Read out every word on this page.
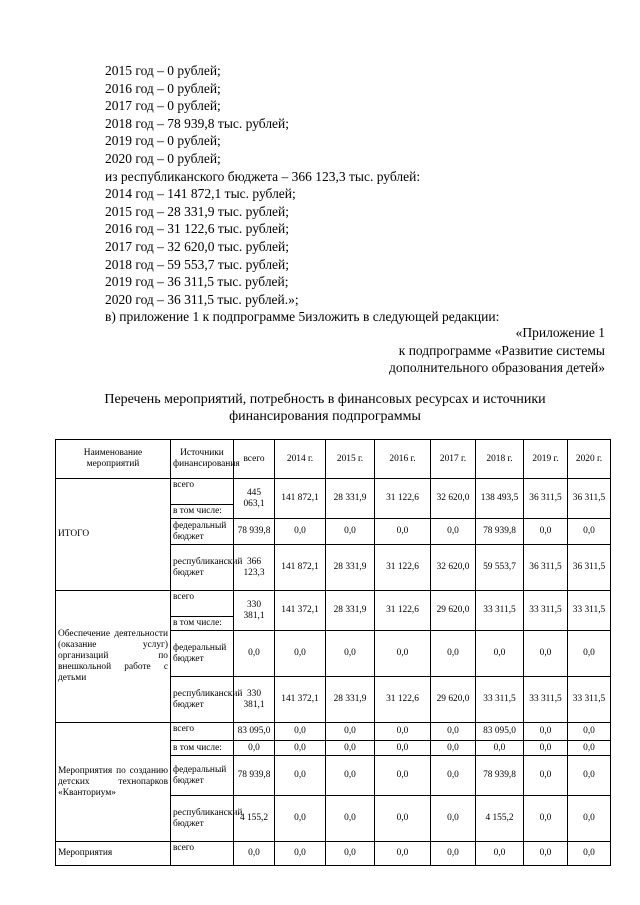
2015 год – 0 рублей;
2016 год – 0 рублей;
2017 год – 0 рублей;
2018 год – 78 939,8 тыс. рублей;
2019 год – 0 рублей;
2020 год – 0 рублей;
из республиканского бюджета – 366 123,3 тыс. рублей:
2014 год – 141 872,1 тыс. рублей;
2015 год – 28 331,9 тыс. рублей;
2016 год – 31 122,6 тыс. рублей;
2017 год – 32 620,0 тыс. рублей;
2018 год – 59 553,7 тыс. рублей;
2019 год – 36 311,5 тыс. рублей;
2020 год – 36 311,5 тыс. рублей.»;
в) приложение 1 к подпрограмме 5изложить в следующей редакции:
«Приложение 1
к подпрограмме «Развитие системы
дополнительного образования детей»
Перечень мероприятий, потребность в финансовых ресурсах и источники
финансирования подпрограммы
Наименование мероприятий	Источники финансирования	всего	2014 г.	2015 г.	2016 г.	2017 г.	2018 г.	2019 г.	2020 г.
ИТОГО	всего	445 063,1	141 872,1	28 331,9	31 122,6	32 620,0	138 493,5	36 311,5	36 311,5
	в том числе:								
	федеральный бюджет	78 939,8	0,0	0,0	0,0	0,0	78 939,8	0,0	0,0
	республиканский бюджет	366 123,3	141 872,1	28 331,9	31 122,6	32 620,0	59 553,7	36 311,5	36 311,5
Обеспечение деятельности (оказание услуг) организаций по внешкольной работе с детьми	всего	330 381,1	141 372,1	28 331,9	31 122,6	29 620,0	33 311,5	33 311,5	33 311,5
	в том числе:								
	федеральный бюджет	0,0	0,0	0,0	0,0	0,0	0,0	0,0	0,0
	республиканский бюджет	330 381,1	141 372,1	28 331,9	31 122,6	29 620,0	33 311,5	33 311,5	33 311,5
Мероприятия по созданию детских технопарков «Кванториум»	всего	83 095,0	0,0	0,0	0,0	0,0	83 095,0	0,0	0,0
	в том числе:	0,0	0,0	0,0	0,0	0,0	0,0	0,0	0,0
	федеральный бюджет	78 939,8	0,0	0,0	0,0	0,0	78 939,8	0,0	0,0
	республиканский бюджет	4 155,2	0,0	0,0	0,0	0,0	4 155,2	0,0	0,0
Мероприятия	всего	0,0	0,0	0,0	0,0	0,0	0,0	0,0	0,0
